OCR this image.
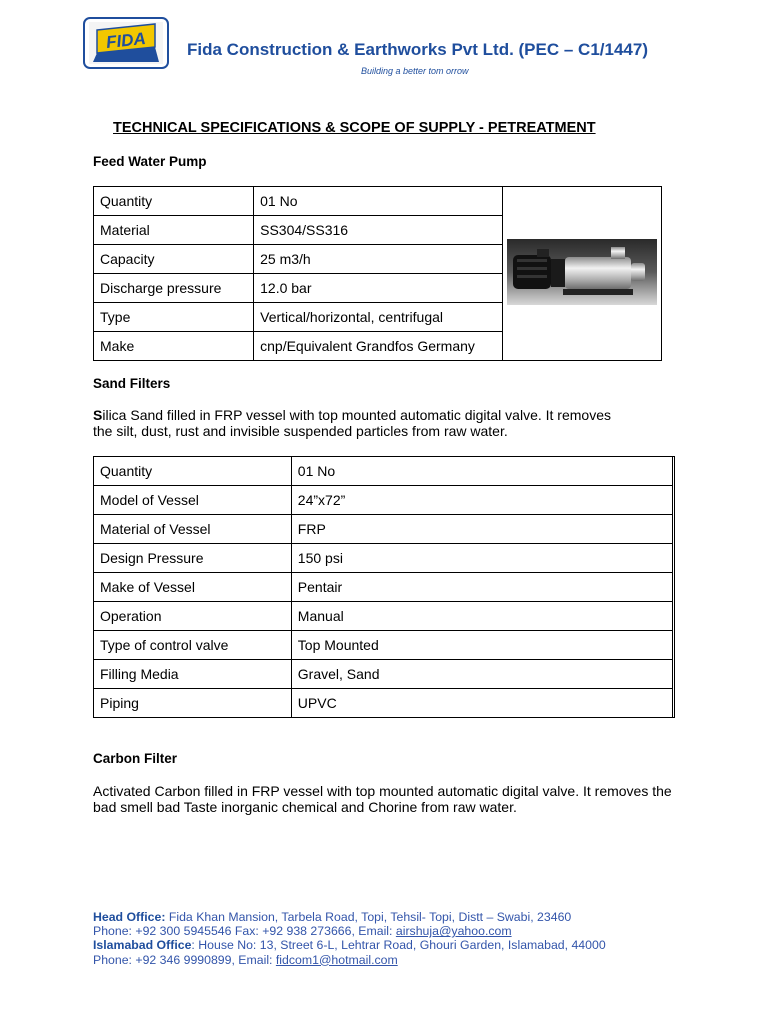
FIDA Fida Construction & Earthworks Pvt Ltd. (PEC – C1/1447)
Building a better tom orrow
TECHNICAL SPECIFICATIONS & SCOPE OF SUPPLY - PETREATMENT
Feed Water Pump
Quantity	01 No	
Material	SS304/SS316	
Capacity	25 m3/h	
Discharge pressure	12.0 bar	
Type	Vertical/horizontal, centrifugal	
Make	cnp/Equivalent Grandfos Germany	
Sand Filters
Silica Sand filled in FRP vessel with top mounted automatic digital valve. It removes the silt, dust, rust and invisible suspended particles from raw water.
Quantity	01 No	
Model of Vessel	24”x72”	
Material of Vessel	FRP	
Design Pressure	150 psi	
Make of Vessel	Pentair	
Operation	Manual	
Type of control valve	Top Mounted	
Filling Media	Gravel, Sand	
Piping	UPVC	
Carbon Filter
Activated Carbon filled in FRP vessel with top mounted automatic digital valve. It removes the bad smell bad Taste inorganic chemical and Chorine from raw water.
Head Office: Fida Khan Mansion, Tarbela Road, Topi, Tehsil- Topi, Distt – Swabi, 23460
Phone: +92 300 5945546 Fax: +92 938 273666, Email: airshuja@yahoo.com
Islamabad Office: House No: 13, Street 6-L, Lehtrar Road, Ghouri Garden, Islamabad, 44000
Phone: +92 346 9990899, Email: fidcom1@hotmail.com
